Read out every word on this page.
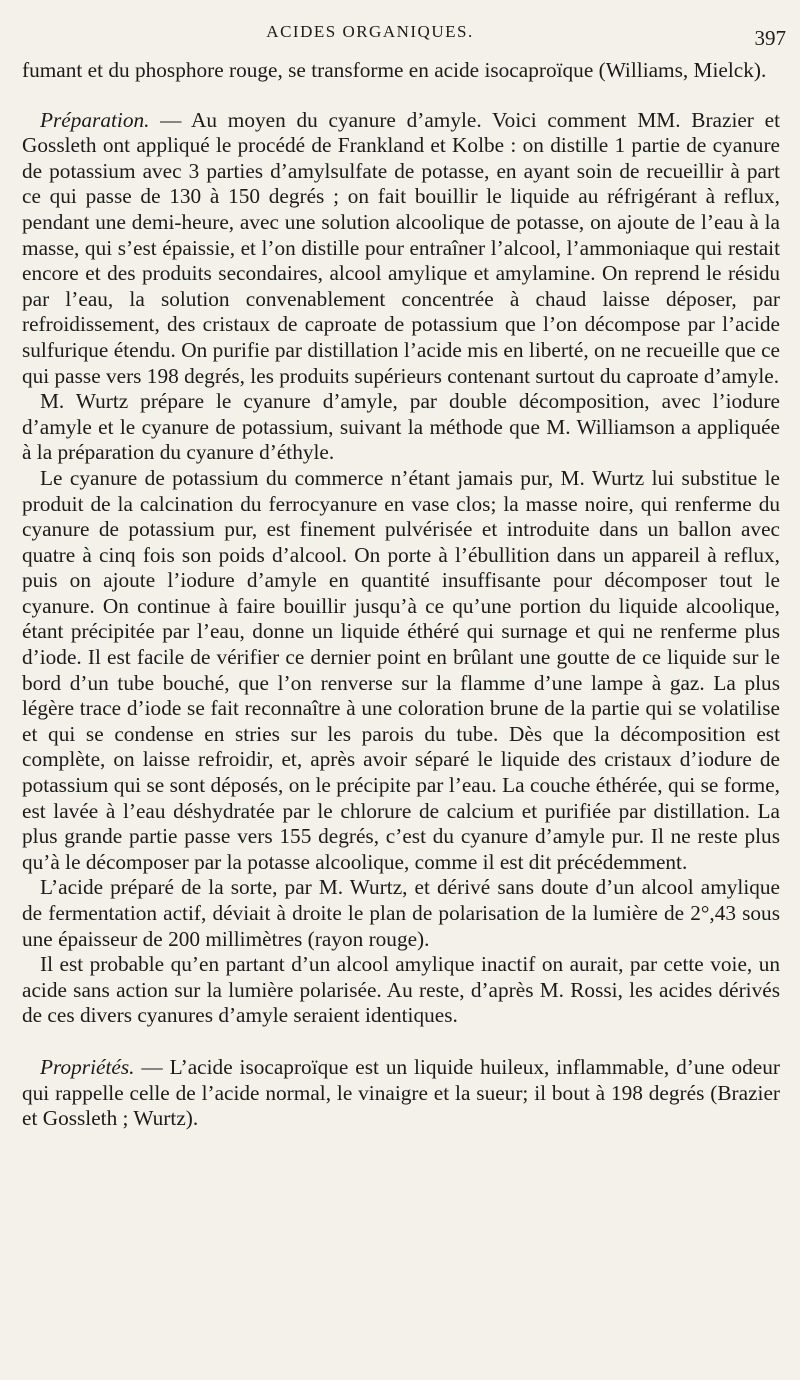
ACIDES ORGANIQUES.	397

fumant et du phosphore rouge, se transforme en acide isocaproïque (Williams, Mielck).

Préparation. — Au moyen du cyanure d’amyle. Voici comment MM. Brazier et Gossleth ont appliqué le procédé de Frankland et Kolbe : on distille 1 partie de cyanure de potassium avec 3 parties d’amylsulfate de potasse, en ayant soin de recueillir à part ce qui passe de 130 à 150 degrés ; on fait bouillir le liquide au réfrigérant à reflux, pendant une demi-heure, avec une solution alcoolique de potasse, on ajoute de l’eau à la masse, qui s’est épaissie, et l’on distille pour entraîner l’alcool, l’ammoniaque qui restait encore et des produits secondaires, alcool amylique et amylamine. On reprend le résidu par l’eau, la solution convenablement concentrée à chaud laisse déposer, par refroidissement, des cristaux de caproate de potassium que l’on décompose par l’acide sulfurique étendu. On purifie par distillation l’acide mis en liberté, on ne recueille que ce qui passe vers 198 degrés, les produits supérieurs contenant surtout du caproate d’amyle.

M. Wurtz prépare le cyanure d’amyle, par double décomposition, avec l’iodure d’amyle et le cyanure de potassium, suivant la méthode que M. Williamson a appliquée à la préparation du cyanure d’éthyle.

Le cyanure de potassium du commerce n’étant jamais pur, M. Wurtz lui substitue le produit de la calcination du ferrocyanure en vase clos; la masse noire, qui renferme du cyanure de potassium pur, est finement pulvérisée et introduite dans un ballon avec quatre à cinq fois son poids d’alcool. On porte à l’ébullition dans un appareil à reflux, puis on ajoute l’iodure d’amyle en quantité insuffisante pour décomposer tout le cyanure. On continue à faire bouillir jusqu’à ce qu’une portion du liquide alcoolique, étant précipitée par l’eau, donne un liquide éthéré qui surnage et qui ne renferme plus d’iode. Il est facile de vérifier ce dernier point en brûlant une goutte de ce liquide sur le bord d’un tube bouché, que l’on renverse sur la flamme d’une lampe à gaz. La plus légère trace d’iode se fait reconnaître à une coloration brune de la partie qui se volatilise et qui se condense en stries sur les parois du tube. Dès que la décomposition est complète, on laisse refroidir, et, après avoir séparé le liquide des cristaux d’iodure de potassium qui se sont déposés, on le précipite par l’eau. La couche éthérée, qui se forme, est lavée à l’eau déshydratée par le chlorure de calcium et purifiée par distillation. La plus grande partie passe vers 155 degrés, c’est du cyanure d’amyle pur. Il ne reste plus qu’à le décomposer par la potasse alcoolique, comme il est dit précédemment.

L’acide préparé de la sorte, par M. Wurtz, et dérivé sans doute d’un alcool amylique de fermentation actif, déviait à droite le plan de polarisation de la lumière de 2°,43 sous une épaisseur de 200 millimètres (rayon rouge).

Il est probable qu’en partant d’un alcool amylique inactif on aurait, par cette voie, un acide sans action sur la lumière polarisée. Au reste, d’après M. Rossi, les acides dérivés de ces divers cyanures d’amyle seraient identiques.

Propriétés. — L’acide isocaproïque est un liquide huileux, inflammable, d’une odeur qui rappelle celle de l’acide normal, le vinaigre et la sueur; il bout à 198 degrés (Brazier et Gossleth ; Wurtz).
